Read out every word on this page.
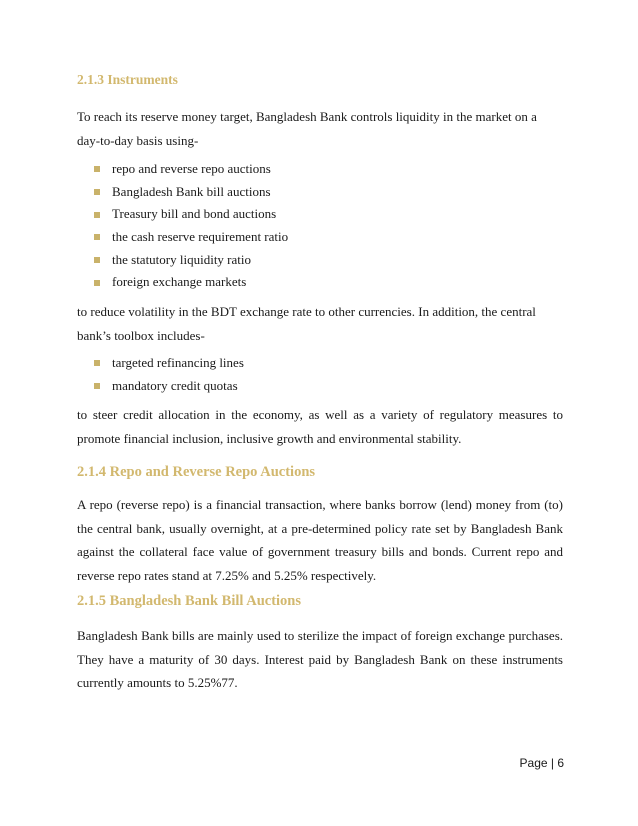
2.1.3 Instruments

To reach its reserve money target, Bangladesh Bank controls liquidity in the market on a day-to-day basis using-

repo and reverse repo auctions
Bangladesh Bank bill auctions
Treasury bill and bond auctions
the cash reserve requirement ratio
the statutory liquidity ratio
foreign exchange markets

to reduce volatility in the BDT exchange rate to other currencies. In addition, the central bank’s toolbox includes-

targeted refinancing lines
mandatory credit quotas

to steer credit allocation in the economy, as well as a variety of regulatory measures to promote financial inclusion, inclusive growth and environmental stability.

2.1.4 Repo and Reverse Repo Auctions

A repo (reverse repo) is a financial transaction, where banks borrow (lend) money from (to) the central bank, usually overnight, at a pre-determined policy rate set by Bangladesh Bank against the collateral face value of government treasury bills and bonds. Current repo and reverse repo rates stand at 7.25% and 5.25% respectively.

2.1.5 Bangladesh Bank Bill Auctions

Bangladesh Bank bills are mainly used to sterilize the impact of foreign exchange purchases. They have a maturity of 30 days. Interest paid by Bangladesh Bank on these instruments currently amounts to 5.25%77.

Page | 6
